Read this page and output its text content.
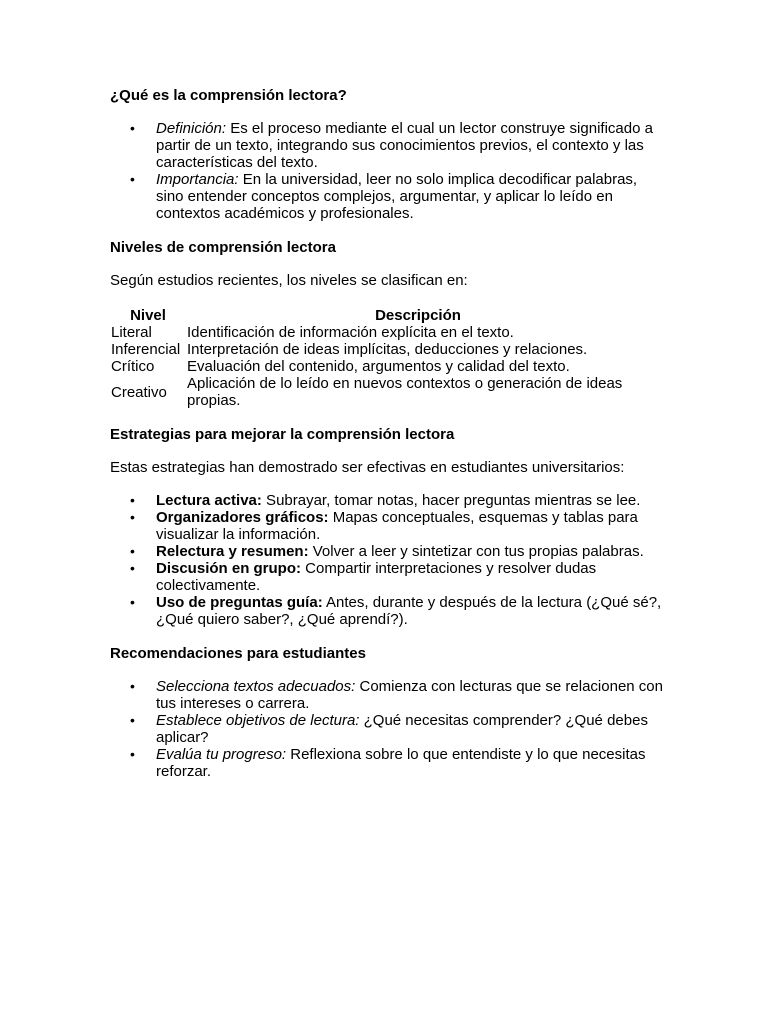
¿Qué es la comprensión lectora?
• Definición: Es el proceso mediante el cual un lector construye significado a partir de un texto, integrando sus conocimientos previos, el contexto y las características del texto.
• Importancia: En la universidad, leer no solo implica decodificar palabras, sino entender conceptos complejos, argumentar, y aplicar lo leído en contextos académicos y profesionales.
Niveles de comprensión lectora

Según estudios recientes, los niveles se clasifican en:

Nivel	Descripción
Literal	Identificación de información explícita en el texto.
Inferencial	Interpretación de ideas implícitas, deducciones y relaciones.
Crítico	Evaluación del contenido, argumentos y calidad del texto.
Creativo	Aplicación de lo leído en nuevos contextos o generación de ideas propias.
Estrategias para mejorar la comprensión lectora

Estas estrategias han demostrado ser efectivas en estudiantes universitarios:

• Lectura activa: Subrayar, tomar notas, hacer preguntas mientras se lee.
• Organizadores gráficos: Mapas conceptuales, esquemas y tablas para visualizar la información.
• Relectura y resumen: Volver a leer y sintetizar con tus propias palabras.
• Discusión en grupo: Compartir interpretaciones y resolver dudas colectivamente.
• Uso de preguntas guía: Antes, durante y después de la lectura (¿Qué sé?, ¿Qué quiero saber?, ¿Qué aprendí?).
Recomendaciones para estudiantes
• Selecciona textos adecuados: Comienza con lecturas que se relacionen con tus intereses o carrera.
• Establece objetivos de lectura: ¿Qué necesitas comprender? ¿Qué debes aplicar?
• Evalúa tu progreso: Reflexiona sobre lo que entendiste y lo que necesitas reforzar.
